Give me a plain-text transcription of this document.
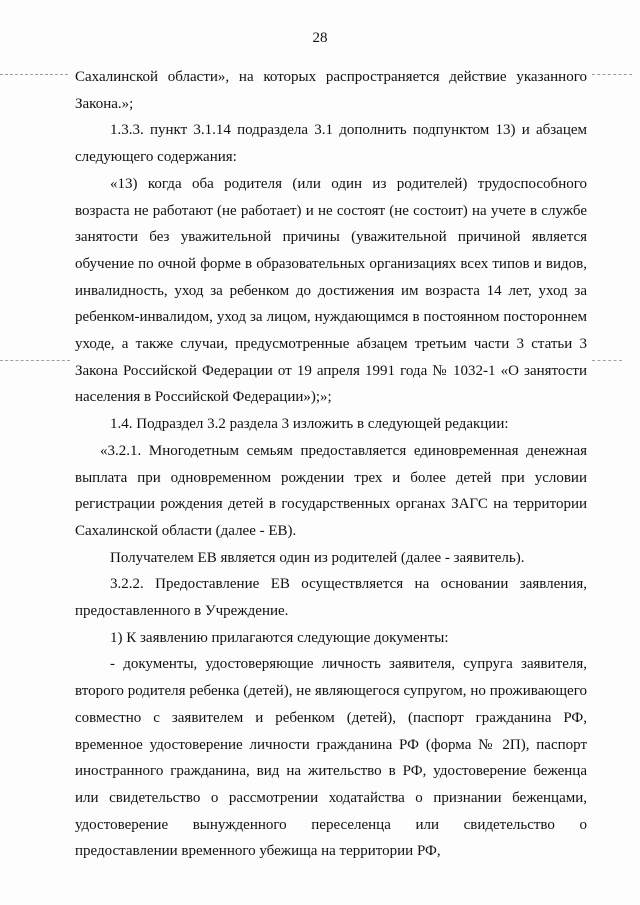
28

Сахалинской области», на которых распространяется действие указанного Закона.»;

1.3.3. пункт 3.1.14 подраздела 3.1 дополнить подпунктом 13) и абзацем следующего содержания:

«13) когда оба родителя (или один из родителей) трудоспособного возраста не работают (не работает) и не состоят (не состоит) на учете в службе занятости без уважительной причины (уважительной причиной является обучение по очной форме в образовательных организациях всех типов и видов, инвалидность, уход за ребенком до достижения им возраста 14 лет, уход за ребенком-инвалидом, уход за лицом, нуждающимся в постоянном постороннем уходе, а также случаи, предусмотренные абзацем третьим части 3 статьи 3 Закона Российской Федерации от 19 апреля 1991 года № 1032-1 «О занятости населения в Российской Федерации»);»;

1.4. Подраздел 3.2 раздела 3 изложить в следующей редакции:

«3.2.1. Многодетным семьям предоставляется единовременная денежная выплата при одновременном рождении трех и более детей при условии регистрации рождения детей в государственных органах ЗАГС на территории Сахалинской области (далее - ЕВ).

Получателем ЕВ является один из родителей (далее - заявитель).

3.2.2. Предоставление ЕВ осуществляется на основании заявления, предоставленного в Учреждение.

1) К заявлению прилагаются следующие документы:

- документы, удостоверяющие личность заявителя, супруга заявителя, второго родителя ребенка (детей), не являющегося супругом, но проживающего совместно с заявителем и ребенком (детей), (паспорт гражданина РФ, временное удостоверение личности гражданина РФ (форма № 2П), паспорт иностранного гражданина, вид на жительство в РФ, удостоверение беженца или свидетельство о рассмотрении ходатайства о признании беженцами, удостоверение вынужденного переселенца или свидетельство о предоставлении временного убежища на территории РФ,
